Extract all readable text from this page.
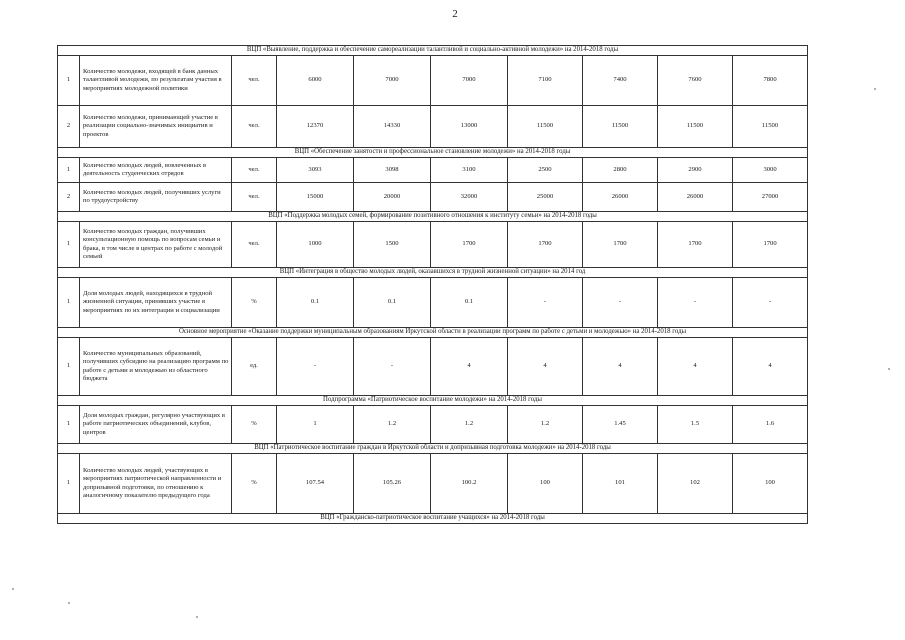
2
ВЦП «Выявление, поддержка и обеспечение самореализации талантливой и социально-активной молодежи» на 2014-2018 годы									
1	Количество молодежи, входящей в банк данных талантливой молодежи, по результатам участия в мероприятиях молодежной политики	чел.	6000	7000	7000	7100	7400	7600	7800
2	Количество молодежи, принимающей участие в реализации социально-значимых инициатив и проектов	чел.	12370	14330	13000	11500	11500	11500	11500
ВЦП «Обеспечение занятости и профессиональное становление молодежи» на 2014-2018 годы									
1	Количество молодых людей, вовлеченных в деятельность студенческих отрядов	чел.	3093	3098	3100	2500	2800	2900	3000
2	Количество молодых людей, получивших услуги по трудоустройству	чел.	15000	20000	32000	25000	26000	26000	27000
ВЦП «Поддержка молодых семей, формирование позитивного отношения к институту семьи» на 2014-2018 годы									
1	Количество молодых граждан, получивших консультационную помощь по вопросам семьи и брака, в том числе в центрах по работе с молодой семьей	чел.	1000	1500	1700	1700	1700	1700	1700
ВЦП «Интеграция в общество молодых людей, оказавшихся в трудной жизненной ситуации» на 2014 год									
1	Доля молодых людей, находящихся в трудной жизненной ситуации, принявших участие в мероприятиях по их интеграции и социализации	%	0.1	0.1	0.1	-	-	-	-
Основное мероприятие «Оказание поддержки муниципальным образованиям Иркутской области в реализации программ по работе с детьми и молодежью» на 2014-2018 годы									
1	Количество муниципальных образований, получивших субсидию на реализацию программ по работе с детьми и молодежью из областного бюджета	ед.	-	-	4	4	4	4	4
Подпрограмма «Патриотическое воспитание молодежи» на 2014-2018 годы									
1	Доля молодых граждан, регулярно участвующих в работе патриотических объединений, клубов, центров	%	1	1.2	1.2	1.2	1.45	1.5	1.6
ВЦП «Патриотическое воспитание граждан в Иркутской области и допризывная подготовка молодежи» на 2014-2018 годы									
1	Количество молодых людей, участвующих в мероприятиях патриотической направленности и допризывной подготовки, по отношению к аналогичному показателю предыдущего года	%	107.54	105.26	100.2	100	101	102	100
ВЦП «Гражданско-патриотическое воспитание учащихся» на 2014-2018 годы									
